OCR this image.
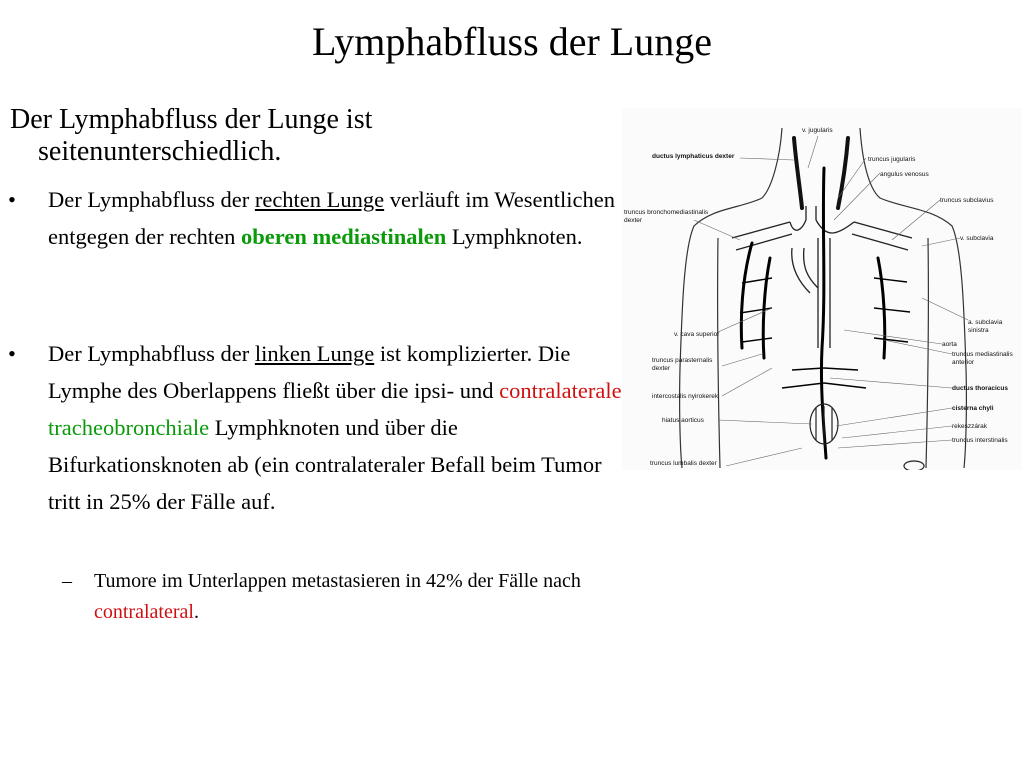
Lymphabfluss der Lunge
Der Lymphabfluss der Lunge ist
seitenunterschiedlich.
•	Der Lymphabfluss der rechten Lunge verläuft im Wesentlichen entgegen der rechten oberen mediastinalen Lymphknoten.
•	Der Lymphabfluss der linken Lunge ist komplizierter. Die Lymphe des Oberlappens fließt über die ipsi- und contralaterale tracheobronchiale Lymphknoten und über die Bifurkationsknoten ab (ein contralateraler Befall beim Tumor tritt in 25% der Fälle auf.
– Tumore im Unterlappen metastasieren in 42% der Fälle nach contralateral.
ductus lymphaticus dexter
truncus bronchomediastinalis
dexter
v. cava superior
truncus parasternalis
dexter
intercostalis nyirokerek
hiatus aorticus
truncus lumbalis dexter
v. jugularis
truncus jugularis
angulus venosus
truncus subclavius
v. subclavia
a. subclavia
sinistra
aorta
truncus mediastinalis
anterior
ductus thoracicus
cisterna chyli
rekeszzárak
truncus interstinalis
